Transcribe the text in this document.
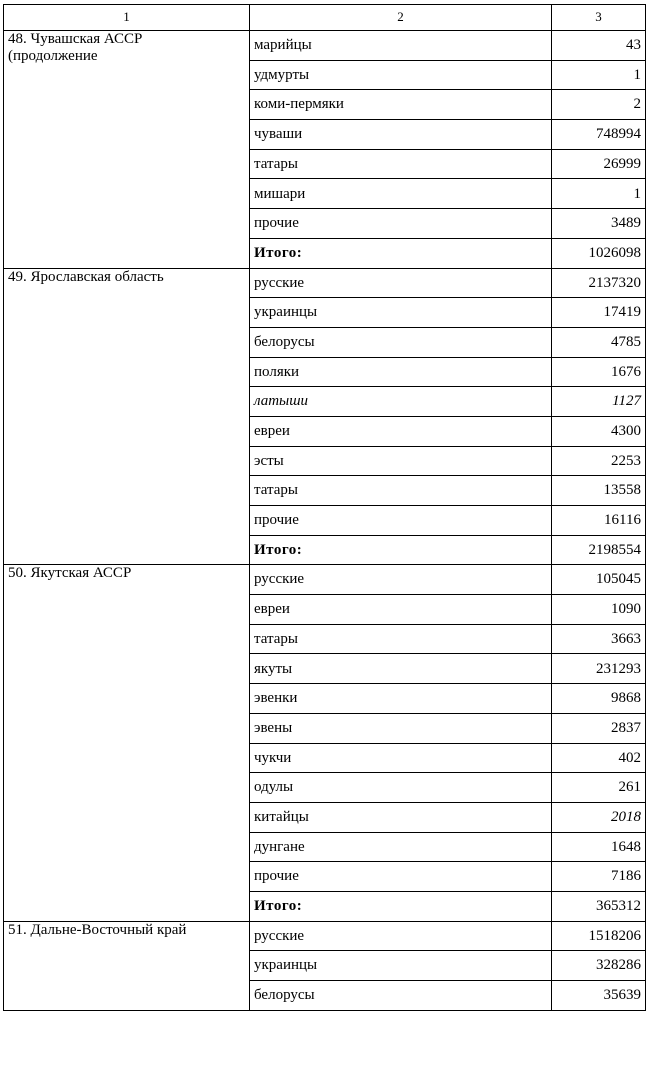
1	2	3
48. Чувашская АССР
(продолжение	марийцы	43
	удмурты	1
	коми-пермяки	2
	чуваши	748994
	татары	26999
	мишари	1
	прочие	3489
	Итого:	1026098
49. Ярославская область	русские	2137320
	украинцы	17419
	белорусы	4785
	поляки	1676
	латыши	1127
	евреи	4300
	эсты	2253
	татары	13558
	прочие	16116
	Итого:	2198554
50. Якутская АССР	русские	105045
	евреи	1090
	татары	3663
	якуты	231293
	эвенки	9868
	эвены	2837
	чукчи	402
	одулы	261
	китайцы	2018
	дунгане	1648
	прочие	7186
	Итого:	365312
51. Дальне-Восточный край	русские	1518206
	украинцы	328286
	белорусы	35639
